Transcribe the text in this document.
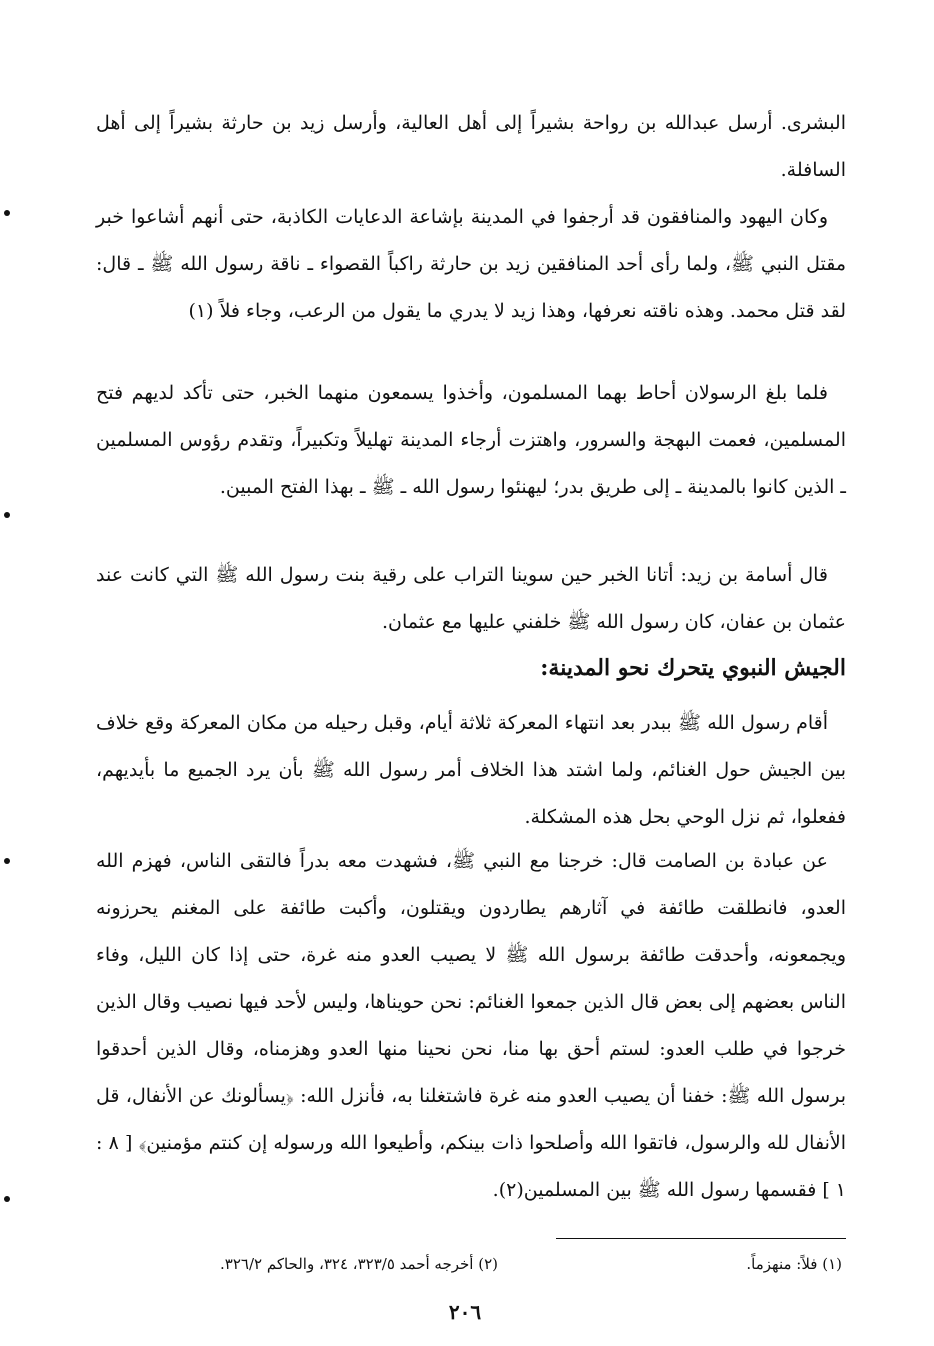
البشرى. أرسل عبدالله بن رواحة بشيراً إلى أهل العالية، وأرسل زيد بن حارثة بشيراً إلى أهل السافلة.

وكان اليهود والمنافقون قد أرجفوا في المدينة بإشاعة الدعايات الكاذبة، حتى أنهم أشاعوا خبر مقتل النبي ﷺ، ولما رأى أحد المنافقين زيد بن حارثة راكباً القصواء ـ ناقة رسول الله ﷺ ـ قال: لقد قتل محمد. وهذه ناقته نعرفها، وهذا زيد لا يدري ما يقول من الرعب، وجاء فلاً (١)

فلما بلغ الرسولان أحاط بهما المسلمون، وأخذوا يسمعون منهما الخبر، حتى تأكد لديهم فتح المسلمين، فعمت البهجة والسرور، واهتزت أرجاء المدينة تهليلاً وتكبيراً، وتقدم رؤوس المسلمين ـ الذين كانوا بالمدينة ـ إلى طريق بدر؛ ليهنئوا رسول الله ـ ﷺ ـ بهذا الفتح المبين.

قال أسامة بن زيد: أتانا الخبر حين سوينا التراب على رقية بنت رسول الله ﷺ التي كانت عند عثمان بن عفان، كان رسول الله ﷺ خلفني عليها مع عثمان.

الجيش النبوي يتحرك نحو المدينة:

أقام رسول الله ﷺ ببدر بعد انتهاء المعركة ثلاثة أيام، وقبل رحيله من مكان المعركة وقع خلاف بين الجيش حول الغنائم، ولما اشتد هذا الخلاف أمر رسول الله ﷺ بأن يرد الجميع ما بأيديهم، ففعلوا، ثم نزل الوحي بحل هذه المشكلة.

عن عبادة بن الصامت قال: خرجنا مع النبي ﷺ، فشهدت معه بدراً فالتقى الناس، فهزم الله العدو، فانطلقت طائفة في آثارهم يطاردون ويقتلون، وأكبت طائفة على المغنم يحرزونه ويجمعونه، وأحدقت طائفة برسول الله ﷺ لا يصيب العدو منه غرة، حتى إذا كان الليل، وفاء الناس بعضهم إلى بعض قال الذين جمعوا الغنائم: نحن حويناها، وليس لأحد فيها نصيب وقال الذين خرجوا في طلب العدو: لستم أحق بها منا، نحن نحينا منها العدو وهزمناه، وقال الذين أحدقوا برسول الله ﷺ: خفنا أن يصيب العدو منه غرة فاشتغلنا به، فأنزل الله: ﴿يسألونك عن الأنفال، قل الأنفال لله والرسول، فاتقوا الله وأصلحوا ذات بينكم، وأطيعوا الله ورسوله إن كنتم مؤمنين﴾ [ ٨ : ١ ] فقسمها رسول الله ﷺ بين المسلمين(٢).

(١) فلاً: منهزماً.
(٢) أخرجه أحمد ٣٢٣/٥، ٣٢٤، والحاكم ٣٢٦/٢.
٢٠٦
